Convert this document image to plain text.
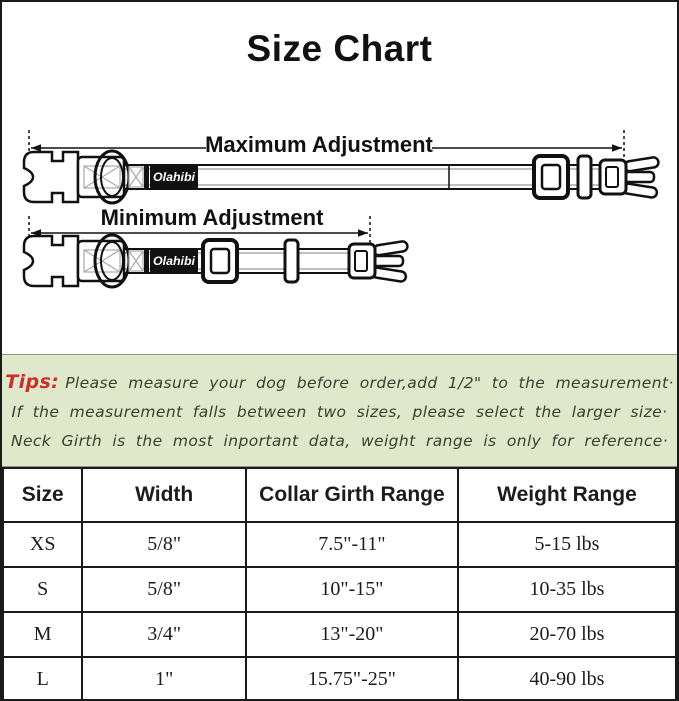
Size Chart
Maximum Adjustment
Olahibi
Minimum Adjustment
Olahibi
Tips: Please measure your dog before order,add 1/2" to the measurement·
If the measurement falls between two sizes, please select the larger size·
Neck Girth is the most inportant data, weight range is only for reference·
Size	Width	Collar Girth Range	Weight Range
XS	5/8"	7.5"-11"	5-15 lbs
S	5/8"	10"-15"	10-35 lbs
M	3/4"	13"-20"	20-70 lbs
L	1"	15.75"-25"	40-90 lbs
